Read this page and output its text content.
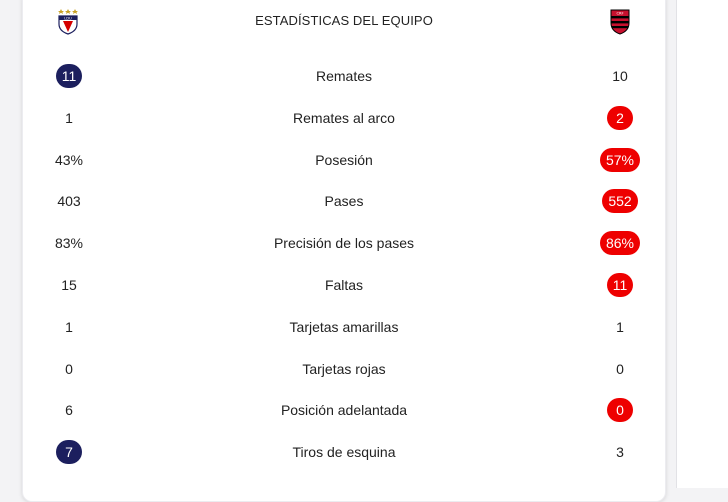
LDU	ESTADÍSTICAS DEL EQUIPO	CRF
11	Remates	10
1	Remates al arco	2
43%	Posesión	57%
403	Pases	552
83%	Precisión de los pases	86%
15	Faltas	11
1	Tarjetas amarillas	1
0	Tarjetas rojas	0
6	Posición adelantada	0
7	Tiros de esquina	3
